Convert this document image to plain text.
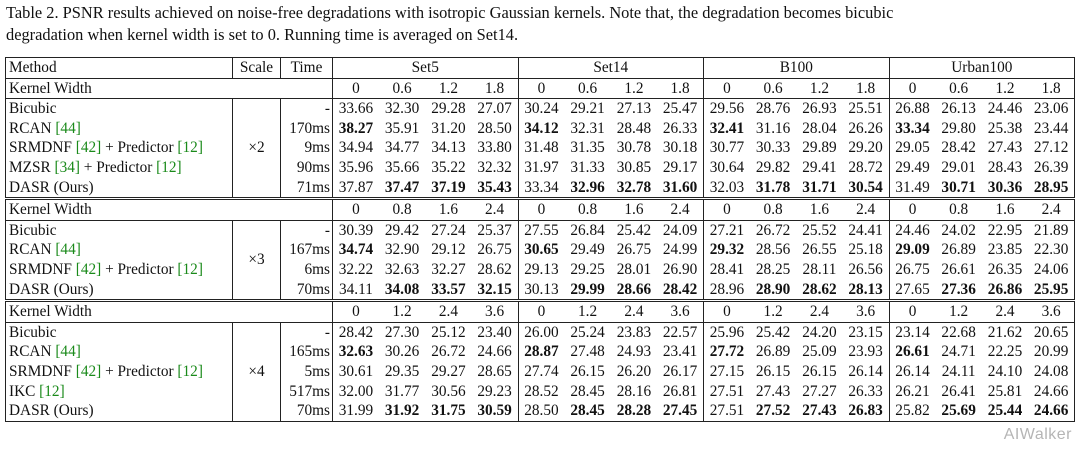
Table 2. PSNR results achieved on noise-free degradations with isotropic Gaussian kernels. Note that, the degradation becomes bicubic

degradation when kernel width is set to 0. Running time is averaged on Set14.

Method	Scale	Time	Set5				Set14				B100				Urban100			
Kernel Width			0	0.6	1.2	1.8	0	0.6	1.2	1.8	0	0.6	1.2	1.8	0	0.6	1.2	1.8
Bicubic	×2	-	33.66	32.30	29.28	27.07	30.24	29.21	27.13	25.47	29.56	28.76	26.93	25.51	26.88	26.13	24.46	23.06
RCAN [44]		170ms	38.27	35.91	31.20	28.50	34.12	32.31	28.48	26.33	32.41	31.16	28.04	26.26	33.34	29.80	25.38	23.44
SRMDNF [42] + Predictor [12]		9ms	34.94	34.77	34.13	33.80	31.48	31.35	30.78	30.18	30.77	30.33	29.89	29.20	29.05	28.42	27.43	27.12
MZSR [34] + Predictor [12]		90ms	35.96	35.66	35.22	32.32	31.97	31.33	30.85	29.17	30.64	29.82	29.41	28.72	29.49	29.01	28.43	26.39
DASR (Ours)		71ms	37.87	37.47	37.19	35.43	33.34	32.96	32.78	31.60	32.03	31.78	31.71	30.54	31.49	30.71	30.36	28.95
Kernel Width			0	0.8	1.6	2.4	0	0.8	1.6	2.4	0	0.8	1.6	2.4	0	0.8	1.6	2.4
Bicubic	×3	-	30.39	29.42	27.24	25.37	27.55	26.84	25.42	24.09	27.21	26.72	25.52	24.41	24.46	24.02	22.95	21.89
RCAN [44]		167ms	34.74	32.90	29.12	26.75	30.65	29.49	26.75	24.99	29.32	28.56	26.55	25.18	29.09	26.89	23.85	22.30
SRMDNF [42] + Predictor [12]		6ms	32.22	32.63	32.27	28.62	29.13	29.25	28.01	26.90	28.41	28.25	28.11	26.56	26.75	26.61	26.35	24.06
DASR (Ours)		70ms	34.11	34.08	33.57	32.15	30.13	29.99	28.66	28.42	28.96	28.90	28.62	28.13	27.65	27.36	26.86	25.95
Kernel Width			0	1.2	2.4	3.6	0	1.2	2.4	3.6	0	1.2	2.4	3.6	0	1.2	2.4	3.6
Bicubic	×4	-	28.42	27.30	25.12	23.40	26.00	25.24	23.83	22.57	25.96	25.42	24.20	23.15	23.14	22.68	21.62	20.65
RCAN [44]		165ms	32.63	30.26	26.72	24.66	28.87	27.48	24.93	23.41	27.72	26.89	25.09	23.93	26.61	24.71	22.25	20.99
SRMDNF [42] + Predictor [12]		5ms	30.61	29.35	29.27	28.65	27.74	26.15	26.20	26.17	27.15	26.15	26.15	26.14	26.14	24.11	24.10	24.08
IKC [12]		517ms	32.00	31.77	30.56	29.23	28.52	28.45	28.16	26.81	27.51	27.43	27.27	26.33	26.21	26.41	25.81	24.66
DASR (Ours)		70ms	31.99	31.92	31.75	30.59	28.50	28.45	28.28	27.45	27.51	27.52	27.43	26.83	25.82	25.69	25.44	24.66
AIWalker
